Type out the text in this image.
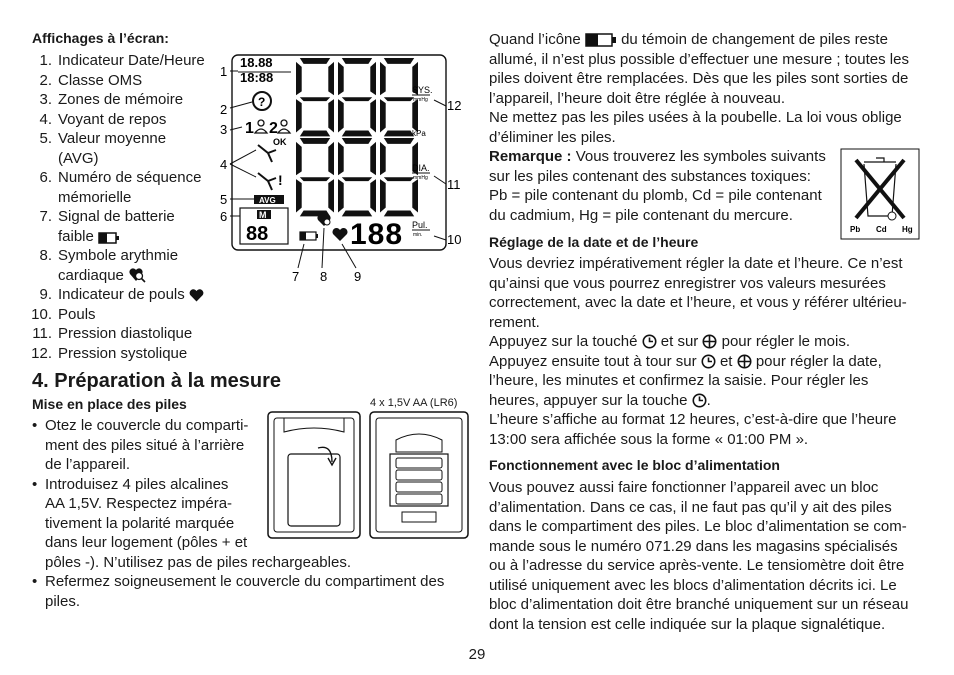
Affichages à l’écran:
1. Indicateur Date/Heure
2. Classe OMS
3. Zones de mémoire
4. Voyant de repos
5. Valeur moyenne
(AVG)
6. Numéro de séquence
mémorielle
7. Signal de batterie
faible
8. Symbole arythmie
cardiaque
9. Indicateur de pouls
10. Pouls
11. Pression diastolique
12. Pression systolique
18.88
18:88
?
1 2
OK
!
AVG
M
88
SYS.
mmHg
kPa
DIA.
mmHg
Pul.
min.
188
1
2
3
4
5
6
7 8 9
10
11
12
4. Préparation à la mesure
Mise en place des piles
• Otez le couvercle du comparti-
ment des piles situé à l’arrière
de l’appareil.
• Introduisez 4 piles alcalines
AA 1,5V. Respectez impéra-
tivement la polarité marquée
dans leur logement (pôles + et
pôles -). N’utilisez pas de piles rechargeables.
• Refermez soigneusement le couvercle du compartiment des
piles.
4 x 1,5V AA (LR6)

Quand l’icône  du témoin de changement de piles reste

allumé, il n’est plus possible d’effectuer une mesure ; toutes les

piles doivent être remplacées. Dès que les piles sont sorties de

l’appareil, l’heure doit être réglée à nouveau.

Ne mettez pas les piles usées à la poubelle. La loi vous oblige

d’éliminer les piles.

Remarque : Vous trouverez les symboles suivants

sur les piles contenant des substances toxiques:

Pb = pile contenant du plomb, Cd = pile contenant

du cadmium, Hg = pile contenant du mercure.

Pb Cd Hg
Réglage de la date et de l’heure

Vous devriez impérativement régler la date et l’heure. Ce n’est

qu’ainsi que vous pourrez enregistrer vos valeurs mesurées

correctement, avec la date et l’heure, et vous y référer ultérieu-

rement.

Appuyez sur la touché  et sur  pour régler le mois.

Appuyez ensuite tout à tour sur  et  pour régler la date,

l’heure, les minutes et confirmez la saisie. Pour régler les

heures, appuyer sur la touche .

L’heure s’affiche au format 12 heures, c’est-à-dire que l’heure

13:00 sera affichée sous la forme « 01:00 PM ».

Fonctionnement avec le bloc d’alimentation

Vous pouvez aussi faire fonctionner l’appareil avec un bloc

d’alimentation. Dans ce cas, il ne faut pas qu’il y ait des piles

dans le compartiment des piles. Le bloc d’alimentation se com-

mande sous le numéro 071.29 dans les magasins spécialisés

ou à l’adresse du service après-vente. Le tensiomètre doit être

utilisé uniquement avec les blocs d’alimentation décrits ici. Le

bloc d’alimentation doit être branché uniquement sur un réseau

dont la tension est celle indiquée sur la plaque signalétique.

29
